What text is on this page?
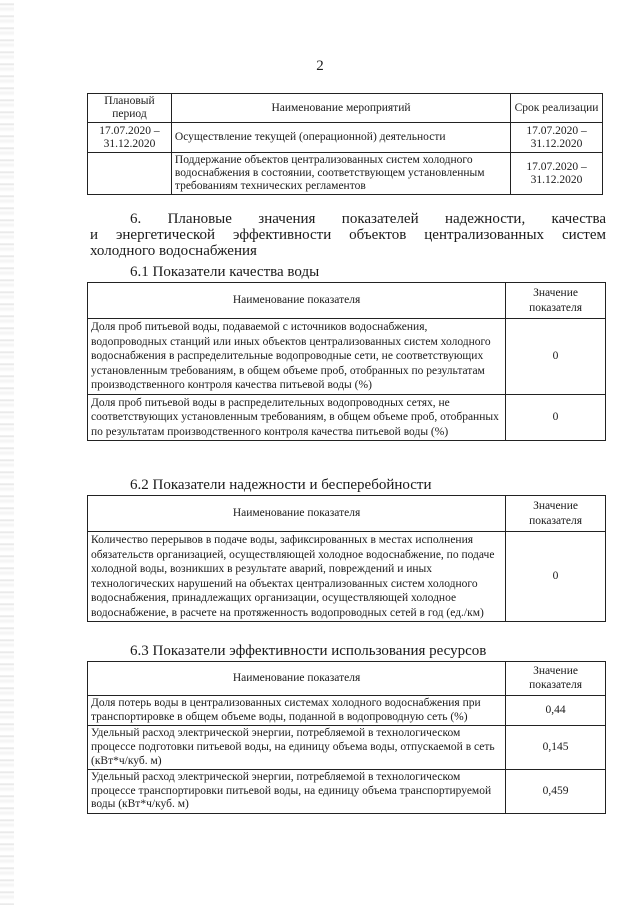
2
Плановый период	Наименование мероприятий	Срок реализации
17.07.2020 – 31.12.2020	Осуществление текущей (операционной) деятельности	17.07.2020 – 31.12.2020
	Поддержание объектов централизованных систем холодного водоснабжения в состоянии, соответствующем установленным требованиям технических регламентов	17.07.2020 – 31.12.2020
6. Плановые значения показателей надежности, качества
и энергетической эффективности объектов централизованных систем
холодного водоснабжения
6.1 Показатели качества воды
Наименование показателя	Значение показателя
Доля проб питьевой воды, подаваемой с источников водоснабжения, водопроводных станций или иных объектов централизованных систем холодного водоснабжения в распределительные водопроводные сети, не соответствующих установленным требованиям, в общем объеме проб, отобранных по результатам производственного контроля качества питьевой воды (%)	0
Доля проб питьевой воды в распределительных водопроводных сетях, не соответствующих установленным требованиям, в общем объеме проб, отобранных по результатам производственного контроля качества питьевой воды (%)	0
6.2 Показатели надежности и бесперебойности
Наименование показателя	Значение показателя
Количество перерывов в подаче воды, зафиксированных в местах исполнения обязательств организацией, осуществляющей холодное водоснабжение, по подаче холодной воды, возникших в результате аварий, повреждений и иных технологических нарушений на объектах централизованных систем холодного водоснабжения, принадлежащих организации, осуществляющей холодное водоснабжение, в расчете на протяженность водопроводных сетей в год (ед./км)	0
6.3 Показатели эффективности использования ресурсов
Наименование показателя	Значение показателя
Доля потерь воды в централизованных системах холодного водоснабжения при транспортировке в общем объеме воды, поданной в водопроводную сеть (%)	0,44
Удельный расход электрической энергии, потребляемой в технологическом процессе подготовки питьевой воды, на единицу объема воды, отпускаемой в сеть (кВт*ч/куб. м)	0,145
Удельный расход электрической энергии, потребляемой в технологическом процессе транспортировки питьевой воды, на единицу объема транспортируемой воды (кВт*ч/куб. м)	0,459
